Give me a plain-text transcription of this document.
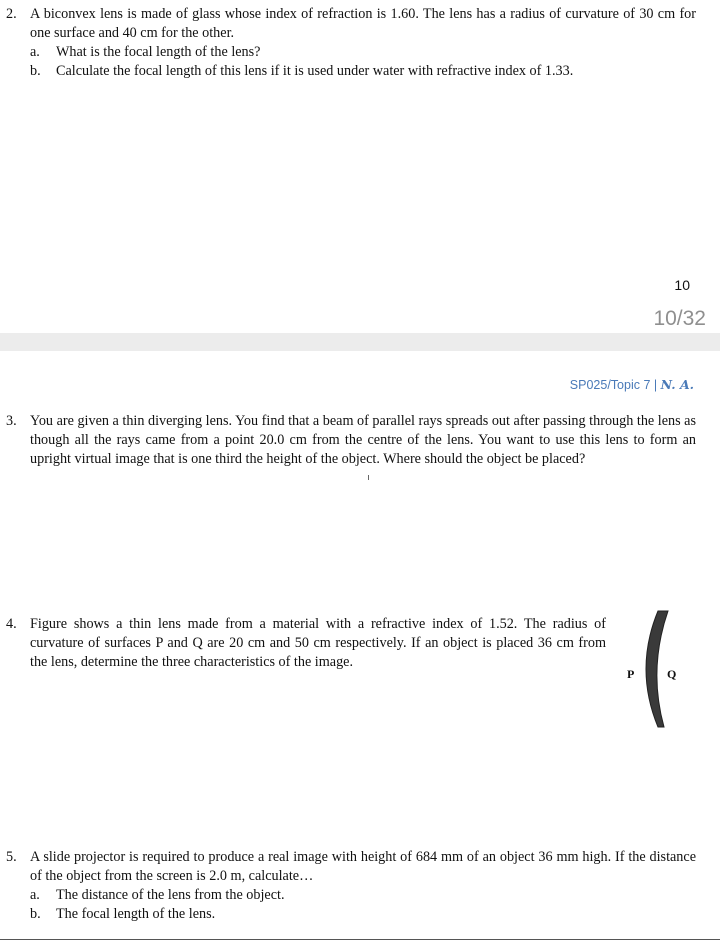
2. A biconvex lens is made of glass whose index of refraction is 1.60. The lens has a radius of curvature of 30 cm for one surface and 40 cm for the other.
a. What is the focal length of the lens?
b. Calculate the focal length of this lens if it is used under water with refractive index of 1.33.
10
10/32
SP025/Topic 7 | N. A.
3. You are given a thin diverging lens. You find that a beam of parallel rays spreads out after passing through the lens as though all the rays came from a point 20.0 cm from the centre of the lens. You want to use this lens to form an upright virtual image that is one third the height of the object. Where should the object be placed?
4. Figure shows a thin lens made from a material with a refractive index of 1.52. The radius of curvature of surfaces P and Q are 20 cm and 50 cm respectively. If an object is placed 36 cm from the lens, determine the three characteristics of the image.
P	Q
5. A slide projector is required to produce a real image with height of 684 mm of an object 36 mm high. If the distance of the object from the screen is 2.0 m, calculate…
a. The distance of the lens from the object.
b. The focal length of the lens.
